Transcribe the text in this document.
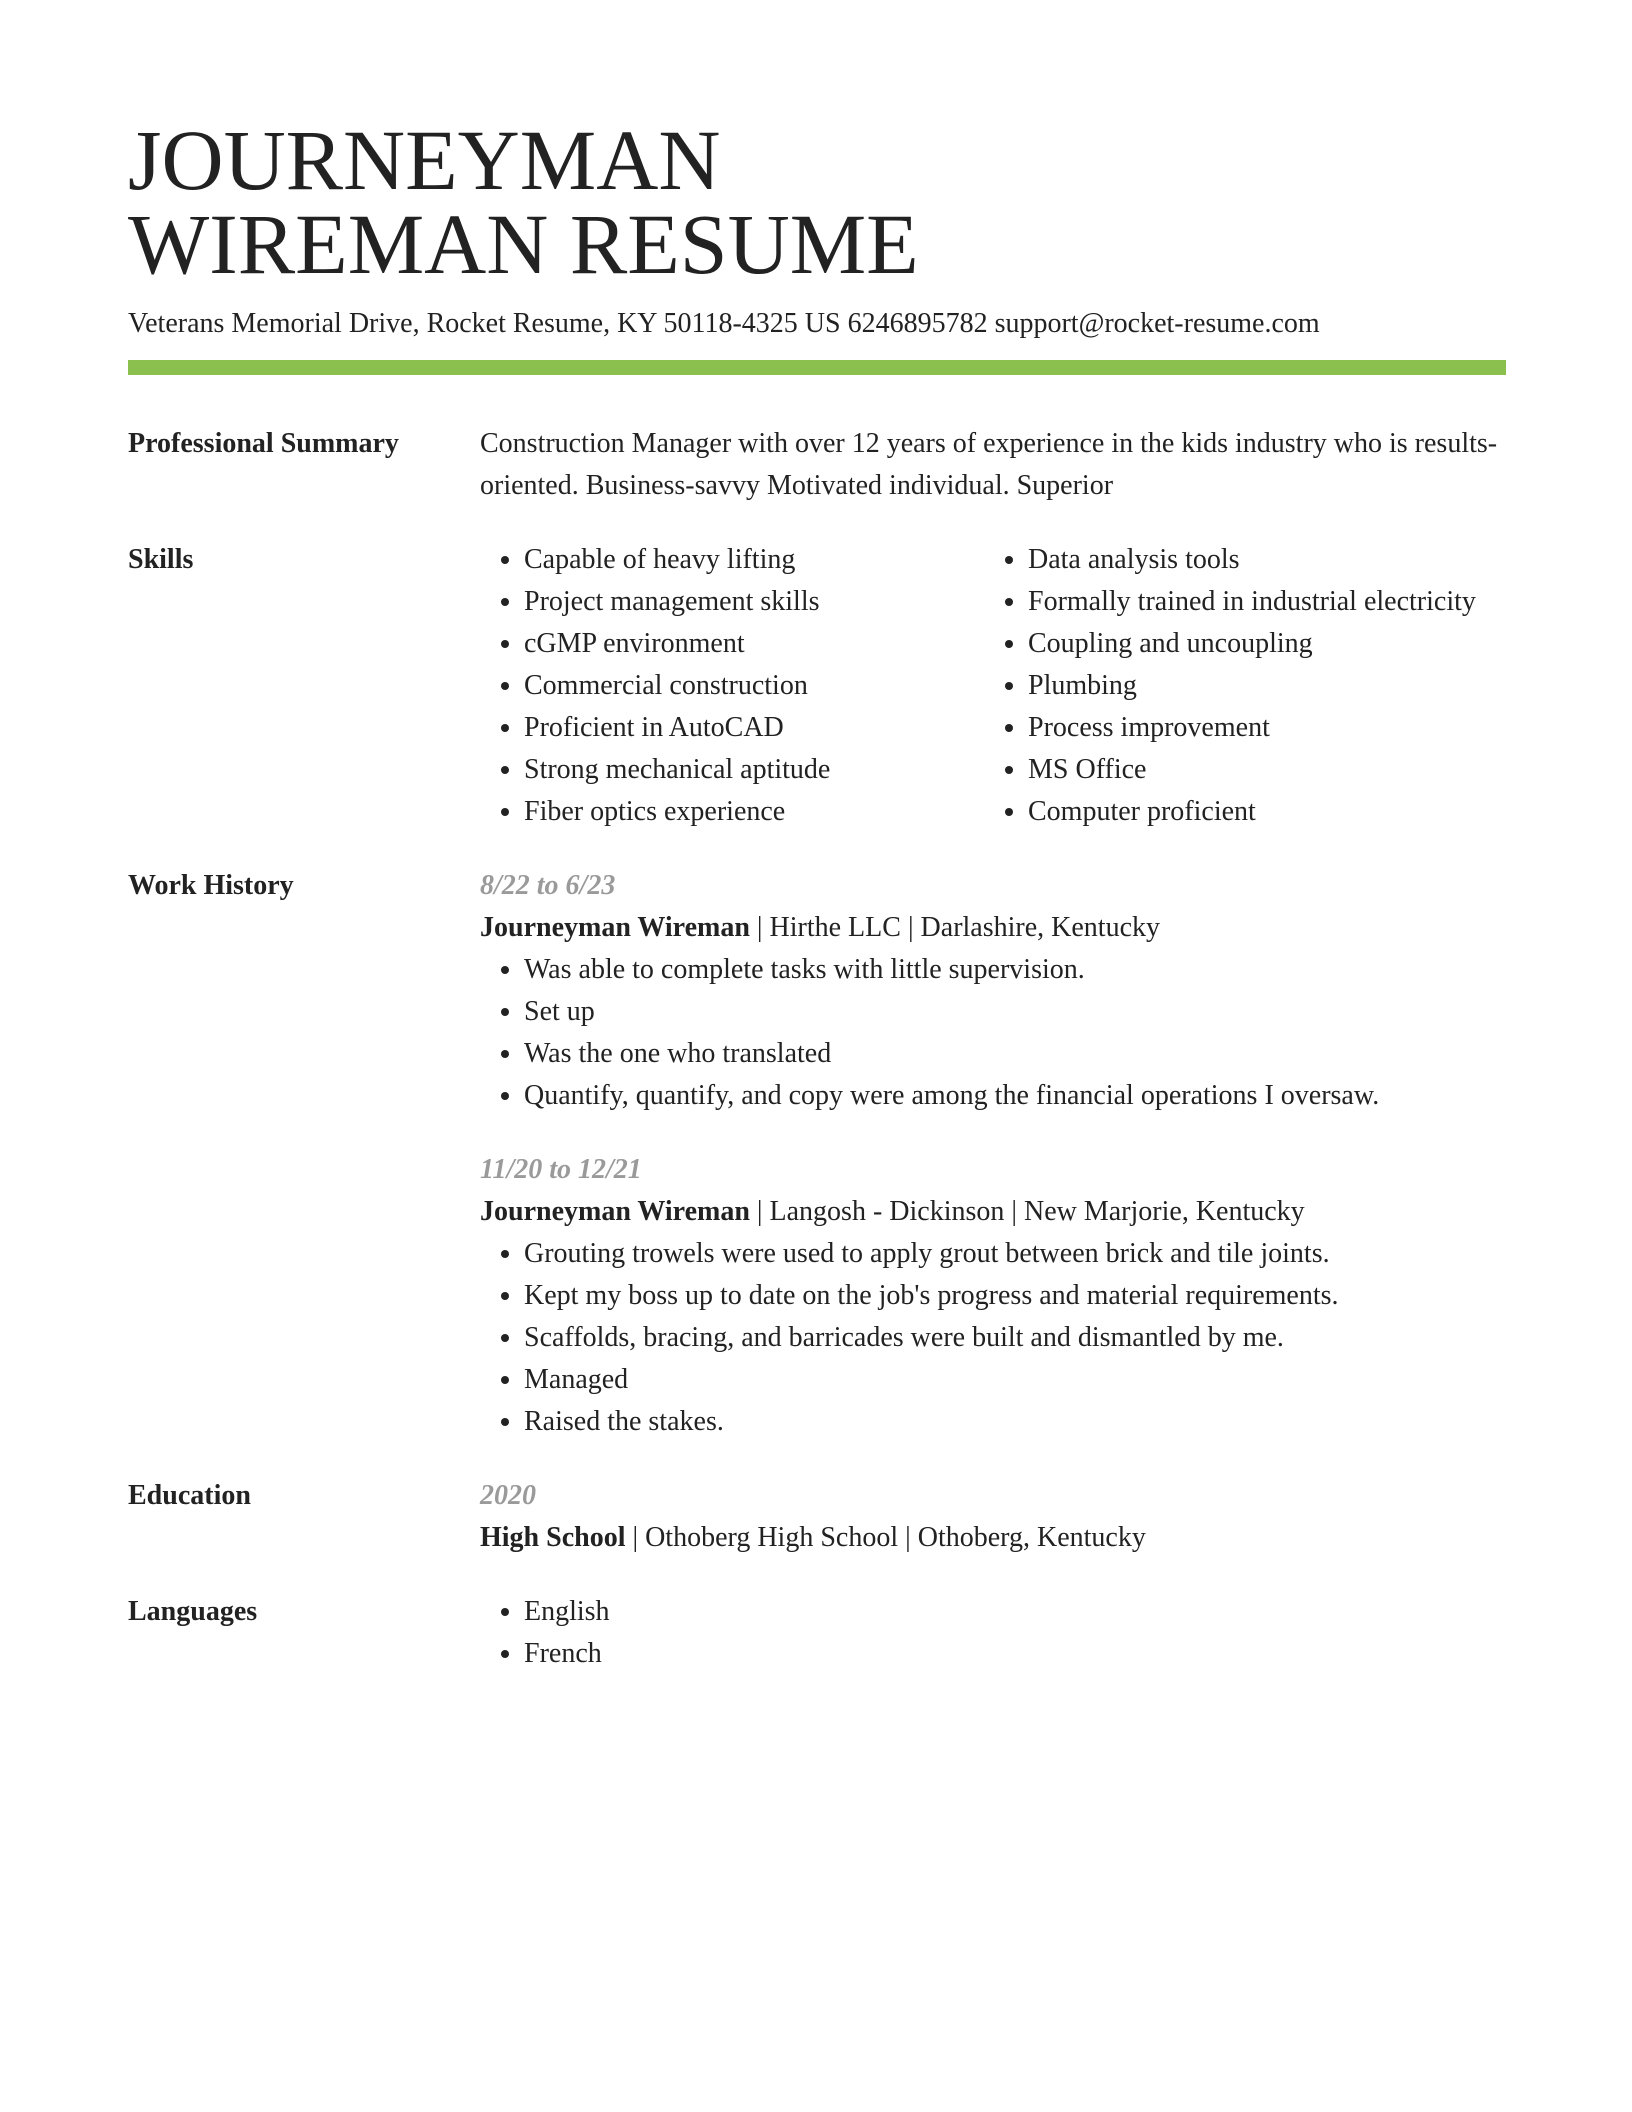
JOURNEYMAN
WIREMAN RESUME
Veterans Memorial Drive, Rocket Resume, KY 50118-4325 US 6246895782 support@rocket-resume.com
Professional Summary	Construction Manager with over 12 years of experience in the kids industry who is results-oriented. Business-savvy Motivated individual. Superior
Skills	• Capable of heavy lifting
• Project management skills
• cGMP environment
• Commercial construction
• Proficient in AutoCAD
• Strong mechanical aptitude
• Fiber optics experience
• Data analysis tools
• Formally trained in industrial electricity
• Coupling and uncoupling
• Plumbing
• Process improvement
• MS Office
• Computer proficient
Work History	8/22 to 6/23
Journeyman Wireman | Hirthe LLC | Darlashire, Kentucky
• Was able to complete tasks with little supervision.
• Set up
• Was the one who translated
• Quantify, quantify, and copy were among the financial operations I oversaw.
11/20 to 12/21
Journeyman Wireman | Langosh - Dickinson | New Marjorie, Kentucky
• Grouting trowels were used to apply grout between brick and tile joints.
• Kept my boss up to date on the job's progress and material requirements.
• Scaffolds, bracing, and barricades were built and dismantled by me.
• Managed
• Raised the stakes.
Education	2020
High School | Othoberg High School | Othoberg, Kentucky
Languages	• English
• French
